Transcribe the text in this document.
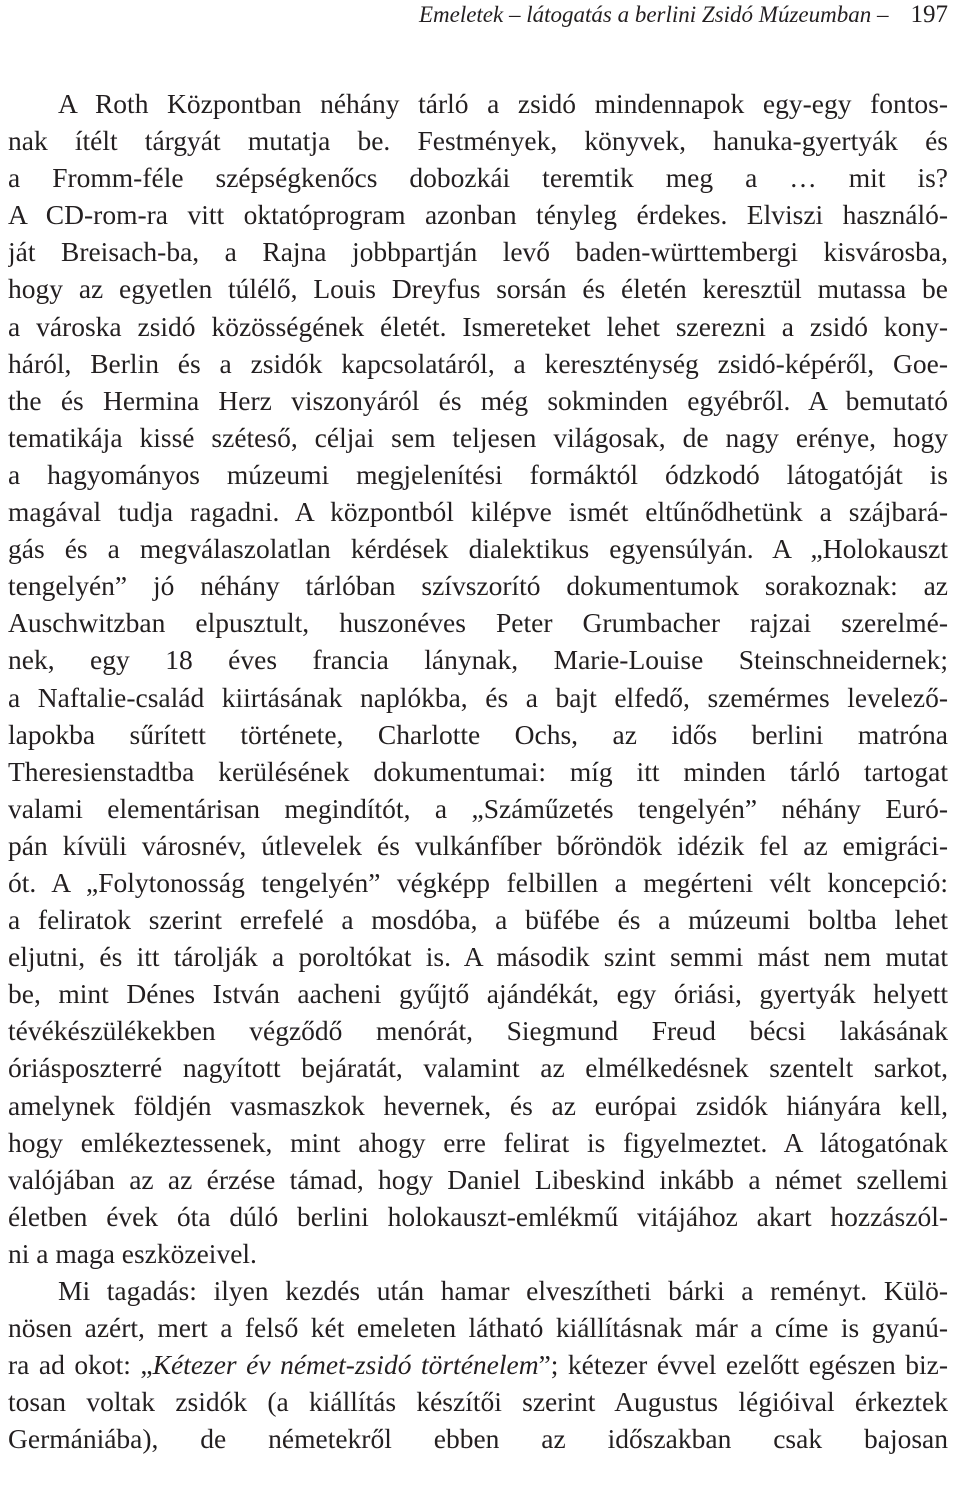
Emeletek – látogatás a berlini Zsidó Múzeumban – 197
A Roth Központban néhány tárló a zsidó mindennapok egy-egy fontos-
nak ítélt tárgyát mutatja be. Festmények, könyvek, hanuka-gyertyák és
a Fromm-féle szépségkenőcs dobozkái teremtik meg a … mit is?
A CD-rom-ra vitt oktatóprogram azonban tényleg érdekes. Elviszi használó-
ját Breisach-ba, a Rajna jobbpartján levő baden-württembergi kisvárosba,
hogy az egyetlen túlélő, Louis Dreyfus sorsán és életén keresztül mutassa be
a városka zsidó közösségének életét. Ismereteket lehet szerezni a zsidó kony-
háról, Berlin és a zsidók kapcsolatáról, a kereszténység zsidó-képéről, Goe-
the és Hermina Herz viszonyáról és még sokminden egyébről. A bemutató
tematikája kissé széteső, céljai sem teljesen világosak, de nagy erénye, hogy
a hagyományos múzeumi megjelenítési formáktól ódzkodó látogatóját is
magával tudja ragadni. A központból kilépve ismét eltűnődhetünk a szájbará-
gás és a megválaszolatlan kérdések dialektikus egyensúlyán. A „Holokauszt
tengelyén” jó néhány tárlóban szívszorító dokumentumok sorakoznak: az
Auschwitzban elpusztult, huszonéves Peter Grumbacher rajzai szerelmé-
nek, egy 18 éves francia lánynak, Marie-Louise Steinschneidernek;
a Naftalie-család kiirtásának naplókba, és a bajt elfedő, szemérmes levelező-
lapokba sűrített története, Charlotte Ochs, az idős berlini matróna
Theresienstadtba kerülésének dokumentumai: míg itt minden tárló tartogat
valami elementárisan megindítót, a „Száműzetés tengelyén” néhány Euró-
pán kívüli városnév, útlevelek és vulkánfíber bőröndök idézik fel az emigráci-
ót. A „Folytonosság tengelyén” végképp felbillen a megérteni vélt koncepció:
a feliratok szerint errefelé a mosdóba, a büfébe és a múzeumi boltba lehet
eljutni, és itt tárolják a poroltókat is. A második szint semmi mást nem mutat
be, mint Dénes István aacheni gyűjtő ajándékát, egy óriási, gyertyák helyett
tévékészülékekben végződő menórát, Siegmund Freud bécsi lakásának
óriásposzterré nagyított bejáratát, valamint az elmélkedésnek szentelt sarkot,
amelynek földjén vasmaszkok hevernek, és az európai zsidók hiányára kell,
hogy emlékeztessenek, mint ahogy erre felirat is figyelmeztet. A látogatónak
valójában az az érzése támad, hogy Daniel Libeskind inkább a német szellemi
életben évek óta dúló berlini holokauszt-emlékmű vitájához akart hozzászól-
ni a maga eszközeivel.
Mi tagadás: ilyen kezdés után hamar elveszítheti bárki a reményt. Külö-
nösen azért, mert a felső két emeleten látható kiállításnak már a címe is gyanú-
ra ad okot: „Kétezer év német-zsidó történelem”; kétezer évvel ezelőtt egészen biz-
tosan voltak zsidók (a kiállítás készítői szerint Augustus légióival érkeztek
Germániába), de németekről ebben az időszakban csak bajosan
